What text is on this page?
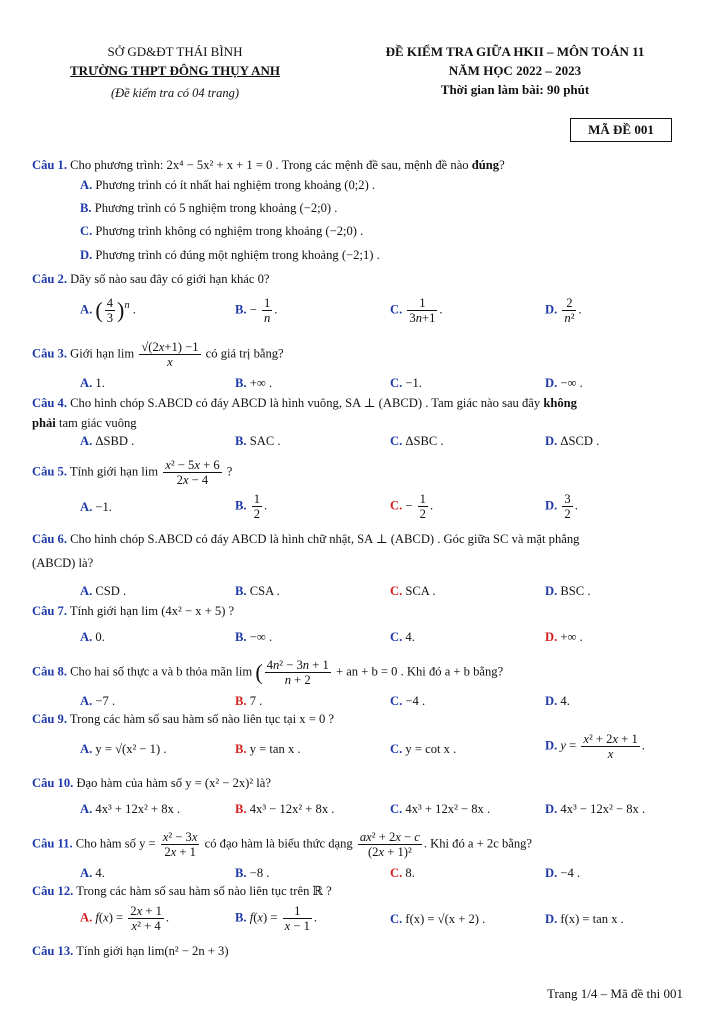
SỞ GD&ĐT THÁI BÌNH
TRƯỜNG THPT ĐÔNG THỤY ANH
(Đề kiểm tra có 04 trang)
ĐỀ KIỂM TRA GIỮA HKII – MÔN TOÁN 11
NĂM HỌC 2022 – 2023
Thời gian làm bài: 90 phút
MÃ ĐỀ 001
Câu 1. Cho phương trình: 2x⁴ − 5x² + x + 1 = 0 . Trong các mệnh đề sau, mệnh đề nào đúng?
A. Phương trình có ít nhất hai nghiệm trong khoảng (0;2) .
B. Phương trình có 5 nghiệm trong khoảng (−2;0) .
C. Phương trình không có nghiệm trong khoảng (−2;0) .
D. Phương trình có đúng một nghiệm trong khoảng (−2;1) .
Câu 2. Dãy số nào sau đây có giới hạn khác 0?
A. ( $\frac{4}{3} )^n$ .	B. − $\frac{1}{n}$ .	C. $\frac{1}{3n+1}$ .	D. $\frac{2}{\text{n²}}$ .
Câu 3. Giới hạn $\lim \frac{√(2x+1) -1}{x}$ có giá trị bằng?
A. 1.	B. +∞ .	C. −1.	D. −∞ .
Câu 4. Cho hình chóp S.ABCD có đáy ABCD là hình vuông, SA ⊥ (ABCD) . Tam giác nào sau đây không
phải tam giác vuông
A. ΔSBD .	B. SAC .	C. ΔSBC .	D. ΔSCD .
Câu 5. Tính giới hạn $\lim \frac{\text{x² − 5x + 6}}{2x - 4}$ ?
A. −1.	B. $\frac{1}{2}$ .	C. − $\frac{1}{2}$ .	D. $\frac{3}{2}$ .
Câu 6. Cho hình chóp S.ABCD có đáy ABCD là hình chữ nhật, SA ⊥ (ABCD) . Góc giữa SC và mặt phẳng
(ABCD) là?
A. CSD .	B. CSA .	C. SCA .	D. BSC .
Câu 7. Tính giới hạn lim (4x² − x + 5) ?
A. 0.	B. −∞ .	C. 4.	D. +∞ .
Câu 8. Cho hai số thực a và b thỏa mãn lim ( $\frac{\text{4n² − 3n + 1}}{n + 2}$ + an + b = 0 . Khi đó a + b bằng?
A. −7 .	B. 7 .	C. −4 .	D. 4.
Câu 9. Trong các hàm số sau hàm số nào liên tục tại x = 0 ?
A. y = √(x² − 1) .	B. y = tan x .	C. y = cot x .	D. $y = \frac{\text{x² + 2x + 1}}{x}$ .
Câu 10. Đạo hàm của hàm số y = (x² − 2x)² là?
A. 4x³ + 12x² + 8x .	B. 4x³ − 12x² + 8x .	C. 4x³ + 12x² − 8x .	D. 4x³ − 12x² − 8x .
Câu 11. Cho hàm số $y = \frac{\text{x² − 3x}}{2x + 1}$ có đạo hàm là biểu thức dạng $\frac{\text{ax² + 2x − c}}{\text{(2x + 1)²}}$ . Khi đó a + 2c bằng?
A. 4.	B. −8 .	C. 8.	D. −4 .
Câu 12. Trong các hàm số sau hàm số nào liên tục trên ℝ ?
A. $f(x) = \frac{2x + 1}{\text{x² + 4}}$ .	B. $f(x) = \frac{1}{x - 1}$ .	C. f(x) = √(x + 2) .	D. f(x) = tan x .
Câu 13. Tính giới hạn lim(n² − 2n + 3)
Trang 1/4 – Mã đề thi 001
